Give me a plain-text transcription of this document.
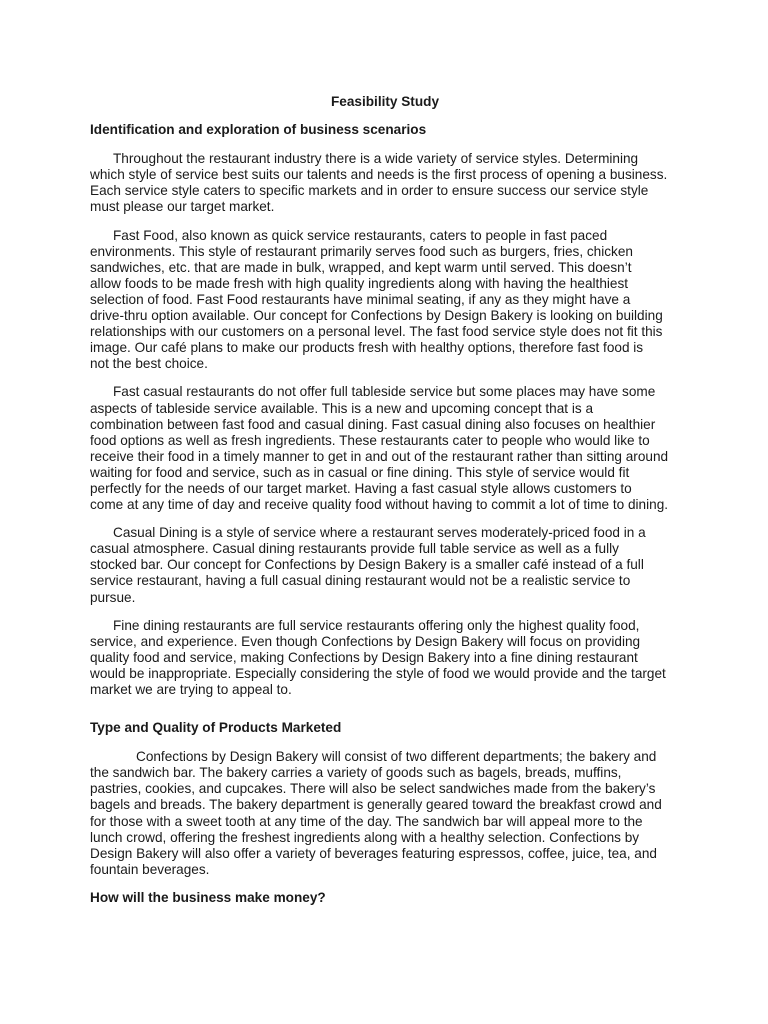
Feasibility Study
Identification and exploration of business scenarios
Throughout the restaurant industry there is a wide variety of service styles. Determining
which style of service best suits our talents and needs is the first process of opening a business.
Each service style caters to specific markets and in order to ensure success our service style
must please our target market.
Fast Food, also known as quick service restaurants, caters to people in fast paced
environments. This style of restaurant primarily serves food such as burgers, fries, chicken
sandwiches, etc. that are made in bulk, wrapped, and kept warm until served. This doesn’t
allow foods to be made fresh with high quality ingredients along with having the healthiest
selection of food. Fast Food restaurants have minimal seating, if any as they might have a
drive-thru option available. Our concept for Confections by Design Bakery is looking on building
relationships with our customers on a personal level. The fast food service style does not fit this
image. Our café plans to make our products fresh with healthy options, therefore fast food is
not the best choice.
Fast casual restaurants do not offer full tableside service but some places may have some
aspects of tableside service available. This is a new and upcoming concept that is a
combination between fast food and casual dining. Fast casual dining also focuses on healthier
food options as well as fresh ingredients. These restaurants cater to people who would like to
receive their food in a timely manner to get in and out of the restaurant rather than sitting around
waiting for food and service, such as in casual or fine dining. This style of service would fit
perfectly for the needs of our target market. Having a fast casual style allows customers to
come at any time of day and receive quality food without having to commit a lot of time to dining.
Casual Dining is a style of service where a restaurant serves moderately-priced food in a
casual atmosphere. Casual dining restaurants provide full table service as well as a fully
stocked bar. Our concept for Confections by Design Bakery is a smaller café instead of a full
service restaurant, having a full casual dining restaurant would not be a realistic service to
pursue.
Fine dining restaurants are full service restaurants offering only the highest quality food,
service, and experience. Even though Confections by Design Bakery will focus on providing
quality food and service, making Confections by Design Bakery into a fine dining restaurant
would be inappropriate. Especially considering the style of food we would provide and the target
market we are trying to appeal to.
Type and Quality of Products Marketed
Confections by Design Bakery will consist of two different departments; the bakery and
the sandwich bar. The bakery carries a variety of goods such as bagels, breads, muffins,
pastries, cookies, and cupcakes. There will also be select sandwiches made from the bakery’s
bagels and breads. The bakery department is generally geared toward the breakfast crowd and
for those with a sweet tooth at any time of the day. The sandwich bar will appeal more to the
lunch crowd, offering the freshest ingredients along with a healthy selection. Confections by
Design Bakery will also offer a variety of beverages featuring espressos, coffee, juice, tea, and
fountain beverages.
How will the business make money?
